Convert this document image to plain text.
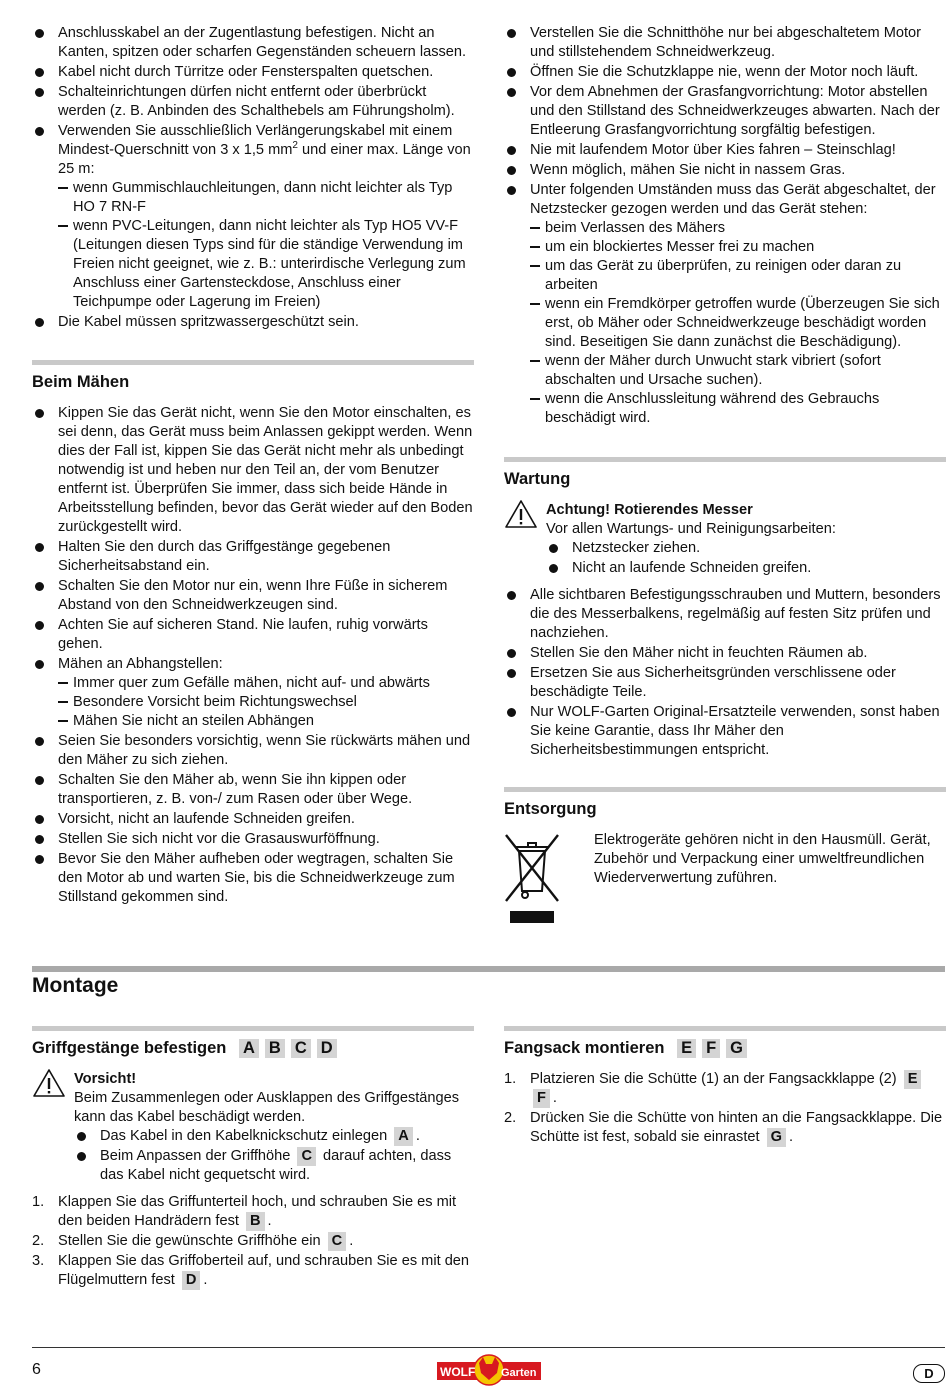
Anschlusskabel an der Zugentlastung befestigen. Nicht an Kanten, spitzen oder scharfen Gegenständen scheuern lassen.
Kabel nicht durch Türritze oder Fensterspalten quetschen.
Schalteinrichtungen dürfen nicht entfernt oder überbrückt werden (z. B. Anbinden des Schalthebels am Führungsholm).
Verwenden Sie ausschließlich Verlängerungskabel mit einem Mindest-Querschnitt von 3 x 1,5 $mm^2$ und einer max. Länge von 25 m:
wenn Gummischlauchleitungen, dann nicht leichter als Typ HO 7 RN-F
wenn PVC-Leitungen, dann nicht leichter als Typ HO5 VV-F (Leitungen diesen Typs sind für die ständige Verwendung im Freien nicht geeignet, wie z. B.: unterirdische Verlegung zum Anschluss einer Gartensteckdose, Anschluss einer Teichpumpe oder Lagerung im Freien)
Die Kabel müssen spritzwassergeschützt sein.
Beim Mähen
Kippen Sie das Gerät nicht, wenn Sie den Motor einschalten, es sei denn, das Gerät muss beim Anlassen gekippt werden. Wenn dies der Fall ist, kippen Sie das Gerät nicht mehr als unbedingt notwendig ist und heben nur den Teil an, der vom Benutzer entfernt ist. Überprüfen Sie immer, dass sich beide Hände in Arbeitsstellung befinden, bevor das Gerät wieder auf den Boden zurückgestellt wird.
Halten Sie den durch das Griffgestänge gegebenen Sicherheitsabstand ein.
Schalten Sie den Motor nur ein, wenn Ihre Füße in sicherem Abstand von den Schneidwerkzeugen sind.
Achten Sie auf sicheren Stand. Nie laufen, ruhig vorwärts gehen.
Mähen an Abhangstellen:
Immer quer zum Gefälle mähen, nicht auf- und abwärts
Besondere Vorsicht beim Richtungswechsel
Mähen Sie nicht an steilen Abhängen
Seien Sie besonders vorsichtig, wenn Sie rückwärts mähen und den Mäher zu sich ziehen.
Schalten Sie den Mäher ab, wenn Sie ihn kippen oder transportieren, z. B. von-/ zum Rasen oder über Wege.
Vorsicht, nicht an laufende Schneiden greifen.
Stellen Sie sich nicht vor die Grasauswurföffnung.
Bevor Sie den Mäher aufheben oder wegtragen, schalten Sie den Motor ab und warten Sie, bis die Schneidwerkzeuge zum Stillstand gekommen sind.
Verstellen Sie die Schnitthöhe nur bei abgeschaltetem Motor und stillstehendem Schneidwerkzeug.
Öffnen Sie die Schutzklappe nie, wenn der Motor noch läuft.
Vor dem Abnehmen der Grasfangvorrichtung: Motor abstellen und den Stillstand des Schneidwerkzeuges abwarten. Nach der Entleerung Grasfangvorrichtung sorgfältig befestigen.
Nie mit laufendem Motor über Kies fahren – Steinschlag!
Wenn möglich, mähen Sie nicht in nassem Gras.
Unter folgenden Umständen muss das Gerät abgeschaltet, der Netzstecker gezogen werden und das Gerät stehen:
beim Verlassen des Mähers
um ein blockiertes Messer frei zu machen
um das Gerät zu überprüfen, zu reinigen oder daran zu arbeiten
wenn ein Fremdkörper getroffen wurde (Überzeugen Sie sich erst, ob Mäher oder Schneidwerkzeuge beschädigt worden sind. Beseitigen Sie dann zunächst die Beschädigung).
wenn der Mäher durch Unwucht stark vibriert (sofort abschalten und Ursache suchen).
wenn die Anschlussleitung während des Gebrauchs beschädigt wird.
Wartung
Achtung! Rotierendes Messer
Vor allen Wartungs- und Reinigungsarbeiten:
Netzstecker ziehen.
Nicht an laufende Schneiden greifen.
Alle sichtbaren Befestigungsschrauben und Muttern, besonders die des Messerbalkens, regelmäßig auf festen Sitz prüfen und nachziehen.
Stellen Sie den Mäher nicht in feuchten Räumen ab.
Ersetzen Sie aus Sicherheitsgründen verschlissene oder beschädigte Teile.
Nur WOLF-Garten Original-Ersatzteile verwenden, sonst haben Sie keine Garantie, dass Ihr Mäher den Sicherheitsbestimmungen entspricht.
Entsorgung
Elektrogeräte gehören nicht in den Hausmüll. Gerät, Zubehör und Verpackung einer umweltfreundlichen Wiederverwertung zuführen.
Montage
Griffgestänge befestigen A B C D
Vorsicht!
Beim Zusammenlegen oder Ausklappen des Griffgestänges kann das Kabel beschädigt werden.
Das Kabel in den Kabelknickschutz einlegen A .
Beim Anpassen der Griffhöhe C darauf achten, dass das Kabel nicht gequetscht wird.
1. Klappen Sie das Griffunterteil hoch, und schrauben Sie es mit den beiden Handrädern fest B .
2. Stellen Sie die gewünschte Griffhöhe ein C .
3. Klappen Sie das Griffoberteil auf, und schrauben Sie es mit den Flügelmuttern fest D .
Fangsack montieren E F G
1. Platzieren Sie die Schütte (1) an der Fangsackklappe (2) E F .
2. Drücken Sie die Schütte von hinten an die Fangsackklappe. Die Schütte ist fest, sobald sie einrastet G .
6	WOLF Garten	D
